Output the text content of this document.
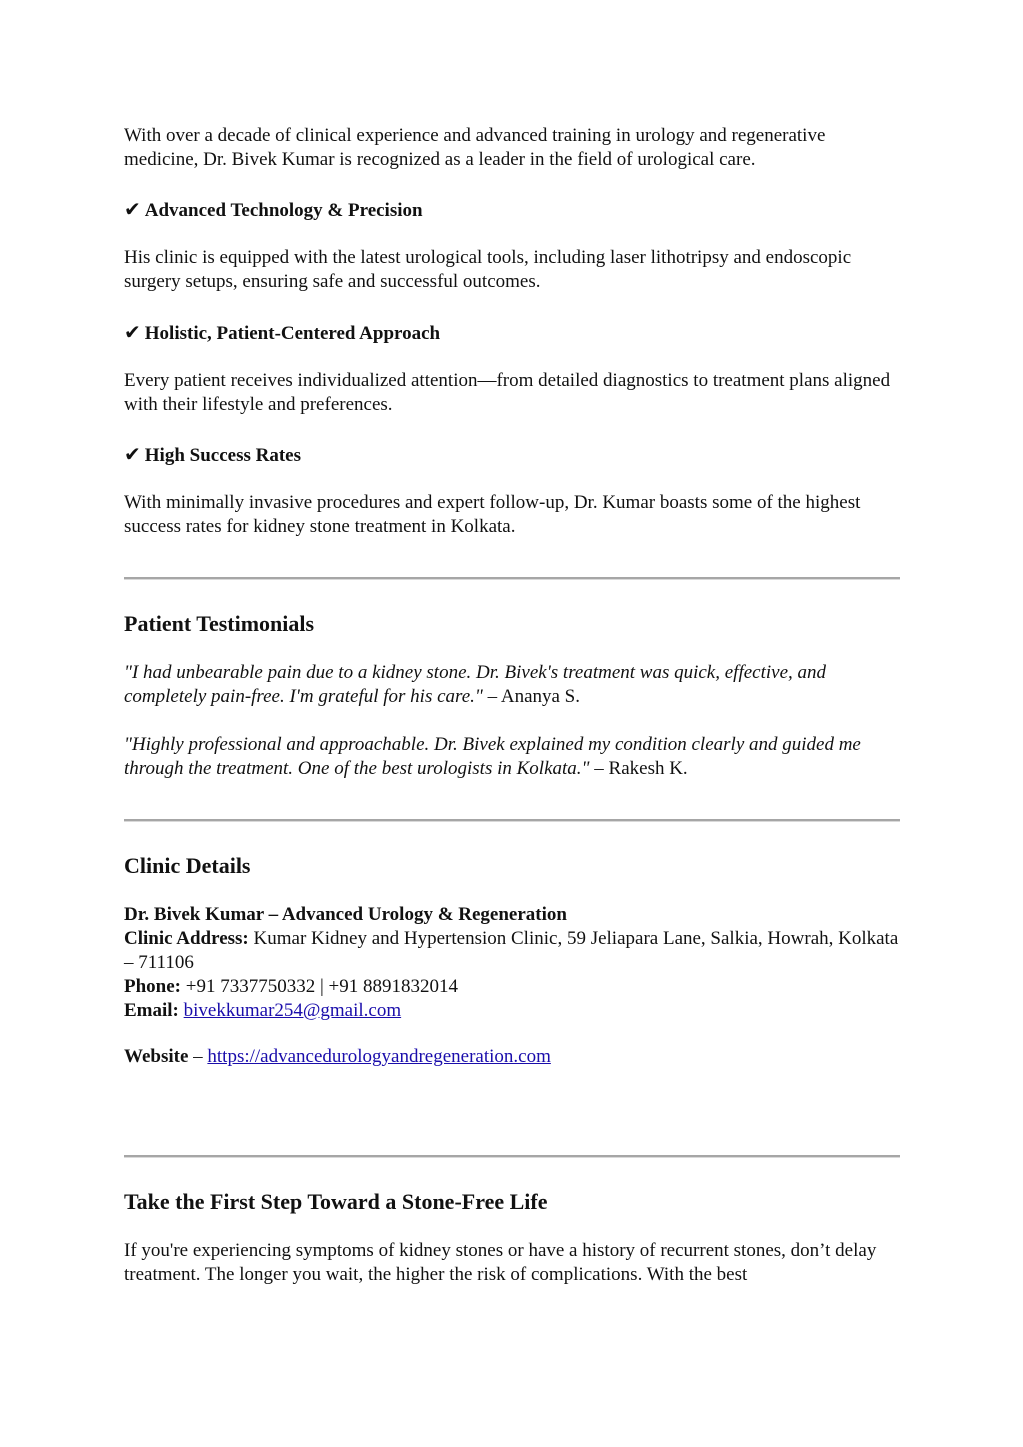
With over a decade of clinical experience and advanced training in urology and regenerative medicine, Dr. Bivek Kumar is recognized as a leader in the field of urological care.

✔ Advanced Technology & Precision

His clinic is equipped with the latest urological tools, including laser lithotripsy and endoscopic surgery setups, ensuring safe and successful outcomes.

✔ Holistic, Patient-Centered Approach

Every patient receives individualized attention—from detailed diagnostics to treatment plans aligned with their lifestyle and preferences.

✔ High Success Rates

With minimally invasive procedures and expert follow-up, Dr. Kumar boasts some of the highest success rates for kidney stone treatment in Kolkata.

Patient Testimonials

"I had unbearable pain due to a kidney stone. Dr. Bivek's treatment was quick, effective, and completely pain-free. I'm grateful for his care." – Ananya S.

"Highly professional and approachable. Dr. Bivek explained my condition clearly and guided me through the treatment. One of the best urologists in Kolkata." – Rakesh K.

Clinic Details
Dr. Bivek Kumar – Advanced Urology & Regeneration
Clinic Address: Kumar Kidney and Hypertension Clinic, 59 Jeliapara Lane, Salkia, Howrah, Kolkata – 711106
Phone: +91 7337750332 | +91 8891832014
Email: bivekkumar254@gmail.com

Website – https://advancedurologyandregeneration.com

Take the First Step Toward a Stone-Free Life

If you're experiencing symptoms of kidney stones or have a history of recurrent stones, don’t delay treatment. The longer you wait, the higher the risk of complications. With the best
